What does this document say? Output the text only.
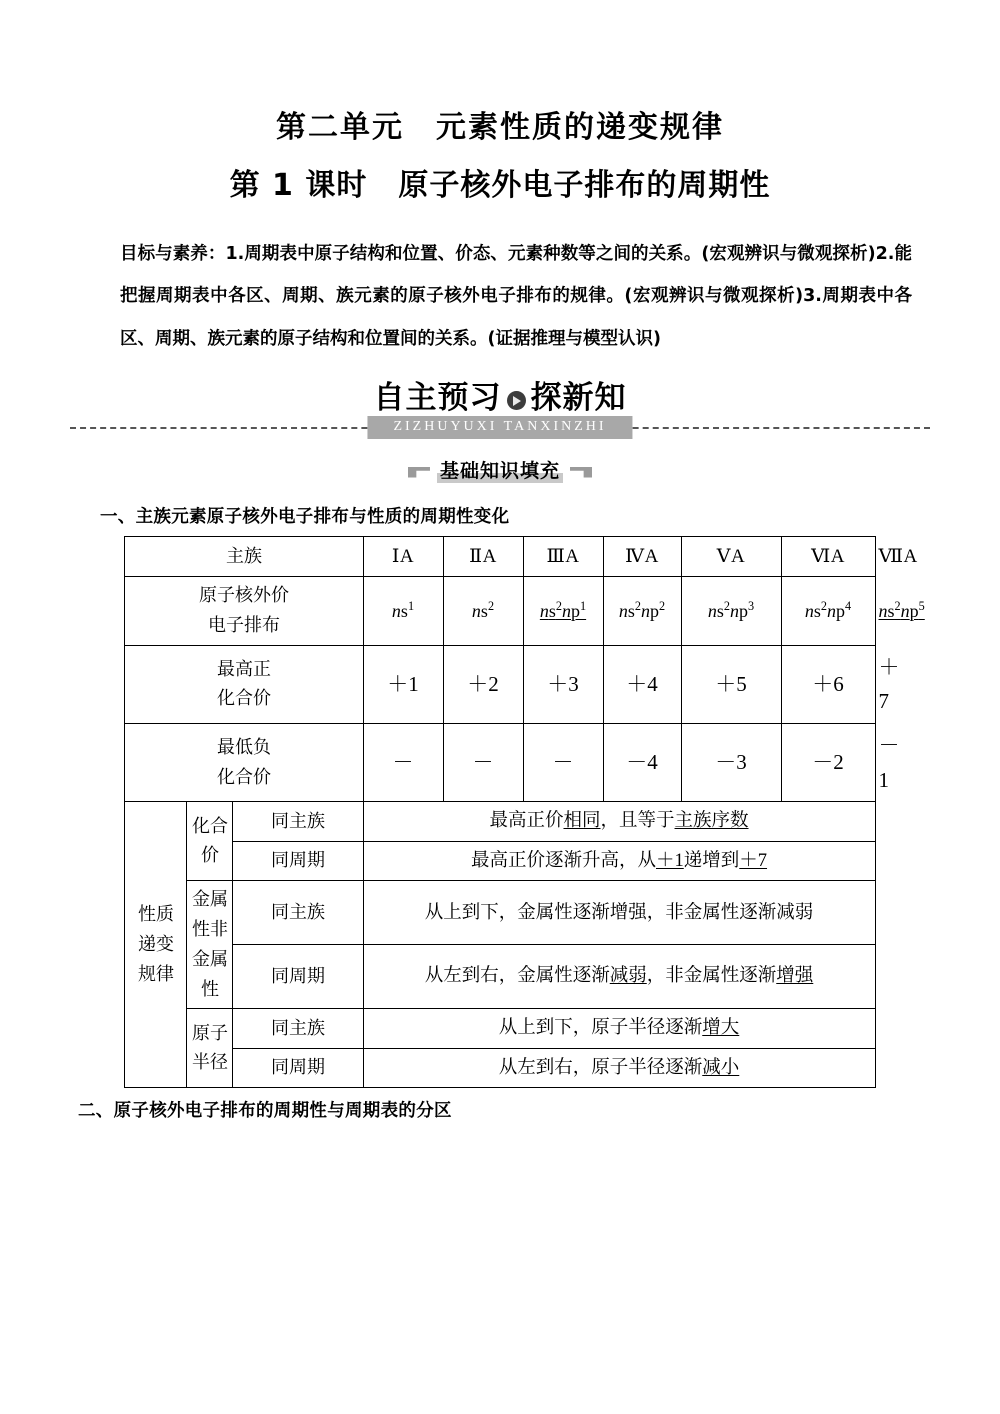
第二单元　元素性质的递变规律
第 1 课时　原子核外电子排布的周期性
目标与素养：1.周期表中原子结构和位置、价态、元素种数等之间的关系。(宏观辨识与微观探析)2.能把握周期表中各区、周期、族元素的原子核外电子排布的规律。(宏观辨识与微观探析)3.周期表中各区、周期、族元素的原子结构和位置间的关系。(证据推理与模型认识)
自主预习 探新知
ZIZHUYUXI TANXINZHI
基础知识填充
一、主族元素原子核外电子排布与性质的周期性变化
主族			ⅠA	ⅡA	ⅢA	ⅣA	ⅤA	ⅥA	ⅦA

原子核外价
电子排布			$ns^1$	$ns^2$	$ns^2np^1$	$ns^2np^2$	$ns^2np^3$	$ns^2np^4$	$ns^2np^5$

最高正
化合价			＋1	＋2	＋3	＋4	＋5	＋6	＋7

最低负
化合价			－	－	－	－4	－3	－2	－1

性质
递变
规律	化合
价	同主族	最高正价相同，且等于主族序数						
		同周期	最高正价逐渐升高，从＋1递增到＋7						

	金属
性非
金属
性	同主族	从上到下，金属性逐渐增强，非金属性逐渐减弱						
		同周期	从左到右，金属性逐渐减弱，非金属性逐渐增强						

	原子
半径	同主族	从上到下，原子半径逐渐增大						
		同周期	从左到右，原子半径逐渐减小						
二、原子核外电子排布的周期性与周期表的分区
